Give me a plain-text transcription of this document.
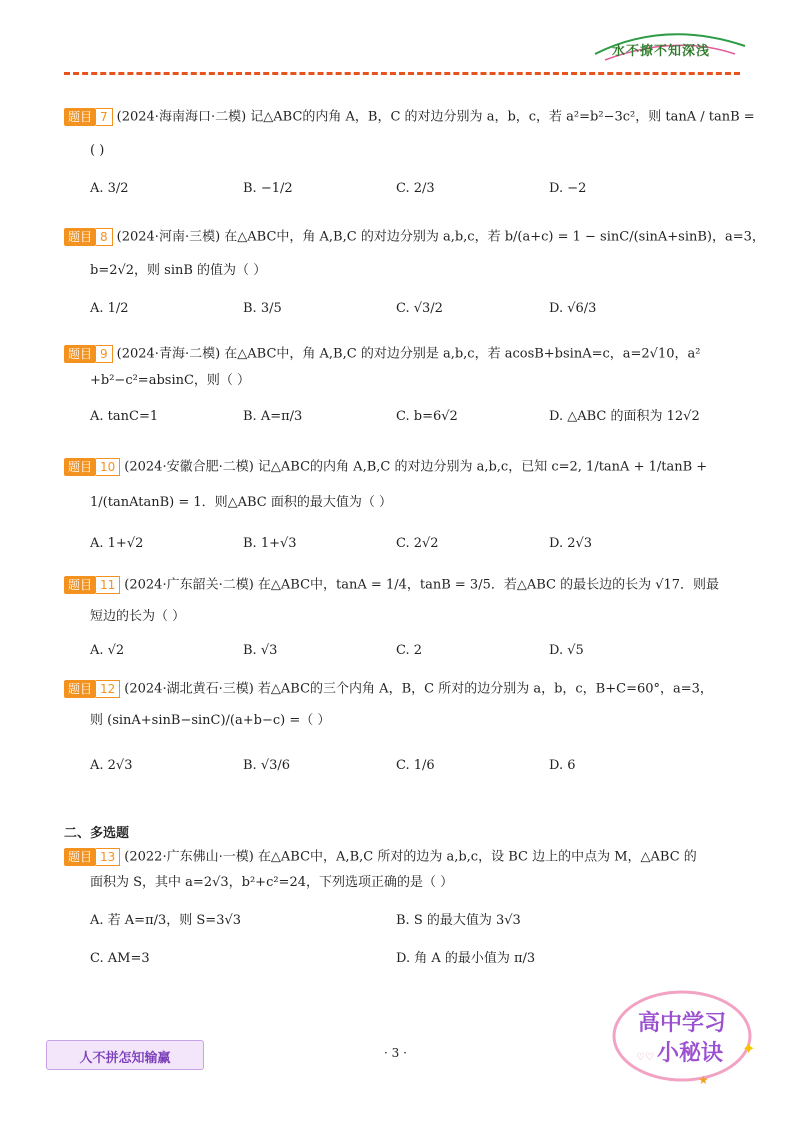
水不撩不知深浅
题目 7 (2024·海南海口·二模) 记△ABC的内角 A，B，C 的对边分别为 a，b，c，若 a²=b²−3c²，则 tanA / tanB =
( )
A. 3/2	B. −1/2	C. 2/3	D. −2
题目 8 (2024·河南·三模) 在△ABC中，角 A,B,C 的对边分别为 a,b,c，若 b/(a+c) = 1 − sinC/(sinA+sinB)，a=3，
b=2√2，则 sinB 的值为（ ）
A. 1/2	B. 3/5	C. √3/2	D. √6/3
题目 9 (2024·青海·二模) 在△ABC中，角 A,B,C 的对边分别是 a,b,c，若 acosB+bsinA=c，a=2√10，a²
+b²−c²=absinC，则（ ）
A. tanC=1	B. A=π/3	C. b=6√2	D. △ABC 的面积为 12√2
题目 10 (2024·安徽合肥·二模) 记△ABC的内角 A,B,C 的对边分别为 a,b,c，已知 c=2, 1/tanA + 1/tanB +
1/(tanAtanB) = 1．则△ABC 面积的最大值为（ ）
A. 1+√2	B. 1+√3	C. 2√2	D. 2√3
题目 11 (2024·广东韶关·二模) 在△ABC中，tanA = 1/4，tanB = 3/5．若△ABC 的最长边的长为 √17．则最
短边的长为（ ）
A. √2	B. √3	C. 2	D. √5
题目 12 (2024·湖北黄石·三模) 若△ABC的三个内角 A，B，C 所对的边分别为 a，b，c，B+C=60°，a=3，
则 (sinA+sinB−sinC)/(a+b−c) =（ ）
A. 2√3	B. √3/6	C. 1/6	D. 6
二、多选题
题目 13 (2022·广东佛山·一模) 在△ABC中，A,B,C 所对的边为 a,b,c，设 BC 边上的中点为 M，△ABC 的
面积为 S，其中 a=2√3，b²+c²=24，下列选项正确的是（ ）
A. 若 A=π/3，则 S=3√3	B. S 的最大值为 3√3
C. AM=3	D. 角 A 的最小值为 π/3
人不拼怎知输赢	· 3 ·
高中学习
小秘诀 ✦
♡♡
★
